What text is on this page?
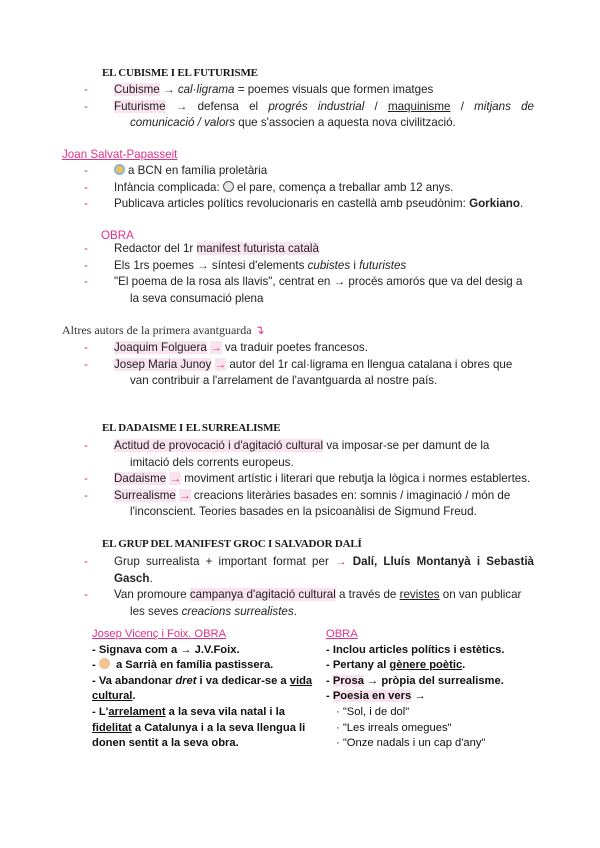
EL CUBISME I EL FUTURISME
- Cubisme → cal·ligrama = poemes visuals que formen imatges
- Futurisme → defensa el progrés industrial / maquinisme / mitjans de
comunicació / valors que s'associen a aquesta nova civilització.
Joan Salvat-Papasseit
- a BCN en família proletària
- Infància complicada: el pare, comença a treballar amb 12 anys.
- Publicava articles polítics revolucionaris en castellà amb pseudònim: Gorkiano.
OBRA
- Redactor del 1r manifest futurista català
- Els 1rs poemes → síntesi d'elements cubistes i futuristes
- "El poema de la rosa als llavis", centrat en → procés amorós que va del desig a
la seva consumació plena
Altres autors de la primera avantguarda ↴
- Joaquim Folguera → va traduir poetes francesos.
- Josep Maria Junoy → autor del 1r cal·ligrama en llengua catalana i obres que
van contribuir a l'arrelament de l'avantguarda al nostre país.
EL DADAISME I EL SURREALISME
- Actitud de provocació i d'agitació cultural va imposar-se per damunt de la
imitació dels corrents europeus.
- Dadaisme → moviment artístic i literari que rebutja la lògica i normes establertes.
- Surrealisme → creacions literàries basades en: somnis / imaginació / món de
l'inconscient. Teories basades en la psicoanàlisi de Sigmund Freud.
EL GRUP DEL MANIFEST GROC I SALVADOR DALÍ
- Grup surrealista + important format per → Dalí, Lluís Montanyà i Sebastià Gasch.
- Van promoure campanya d'agitació cultural a través de revistes on van publicar
les seves creacions surrealistes.
Josep Vicenç i Foix. OBRA
- Signava com a → J.V.Foix.
-  a Sarrià en família pastissera.
- Va abandonar dret i va dedicar-se a vida
cultural.
- L'arrelament a la seva vila natal i la
fidelitat a Catalunya i a la seva llengua li
donen sentit a la seva obra.
OBRA
- Inclou articles polítics i estètics.
- Pertany al gènere poètic.
- Prosa → pròpia del surrealisme.
- Poesia en vers →
· "Sol, i de dol"
· "Les irreals omegues"
· "Onze nadals i un cap d'any"
